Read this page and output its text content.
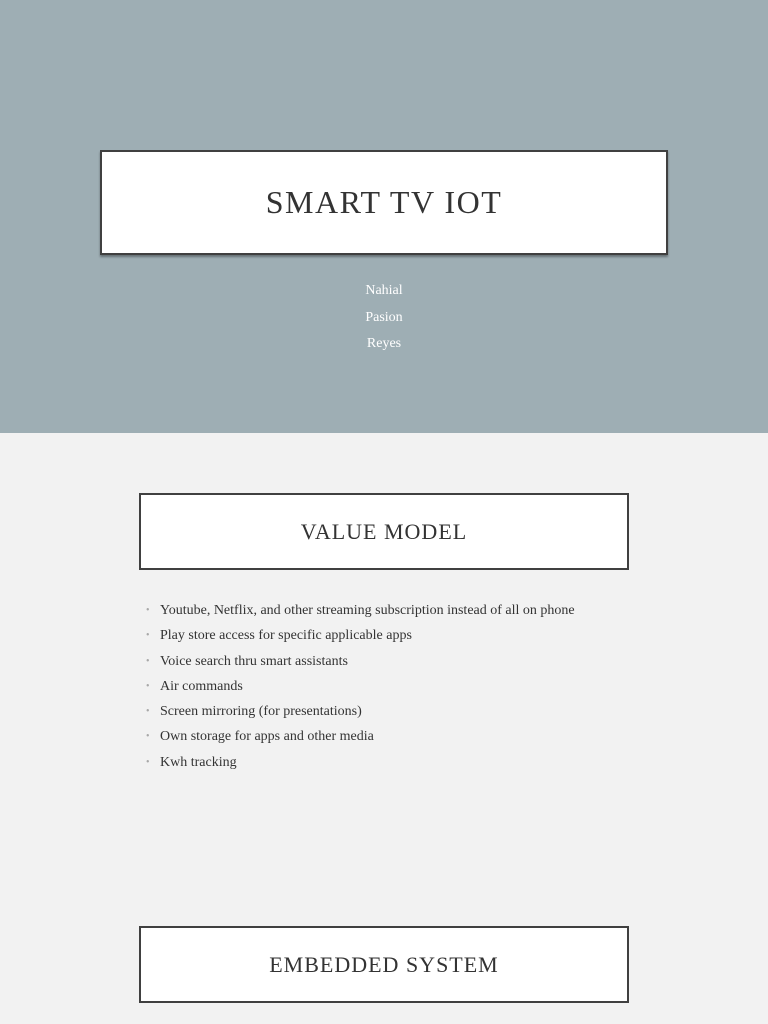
SMART TV IOT
Nahial
Pasion
Reyes
VALUE MODEL
• Youtube, Netflix, and other streaming subscription instead of all on phone
• Play store access for specific applicable apps
• Voice search thru smart assistants
• Air commands
• Screen mirroring (for presentations)
• Own storage for apps and other media
• Kwh tracking
EMBEDDED SYSTEM
